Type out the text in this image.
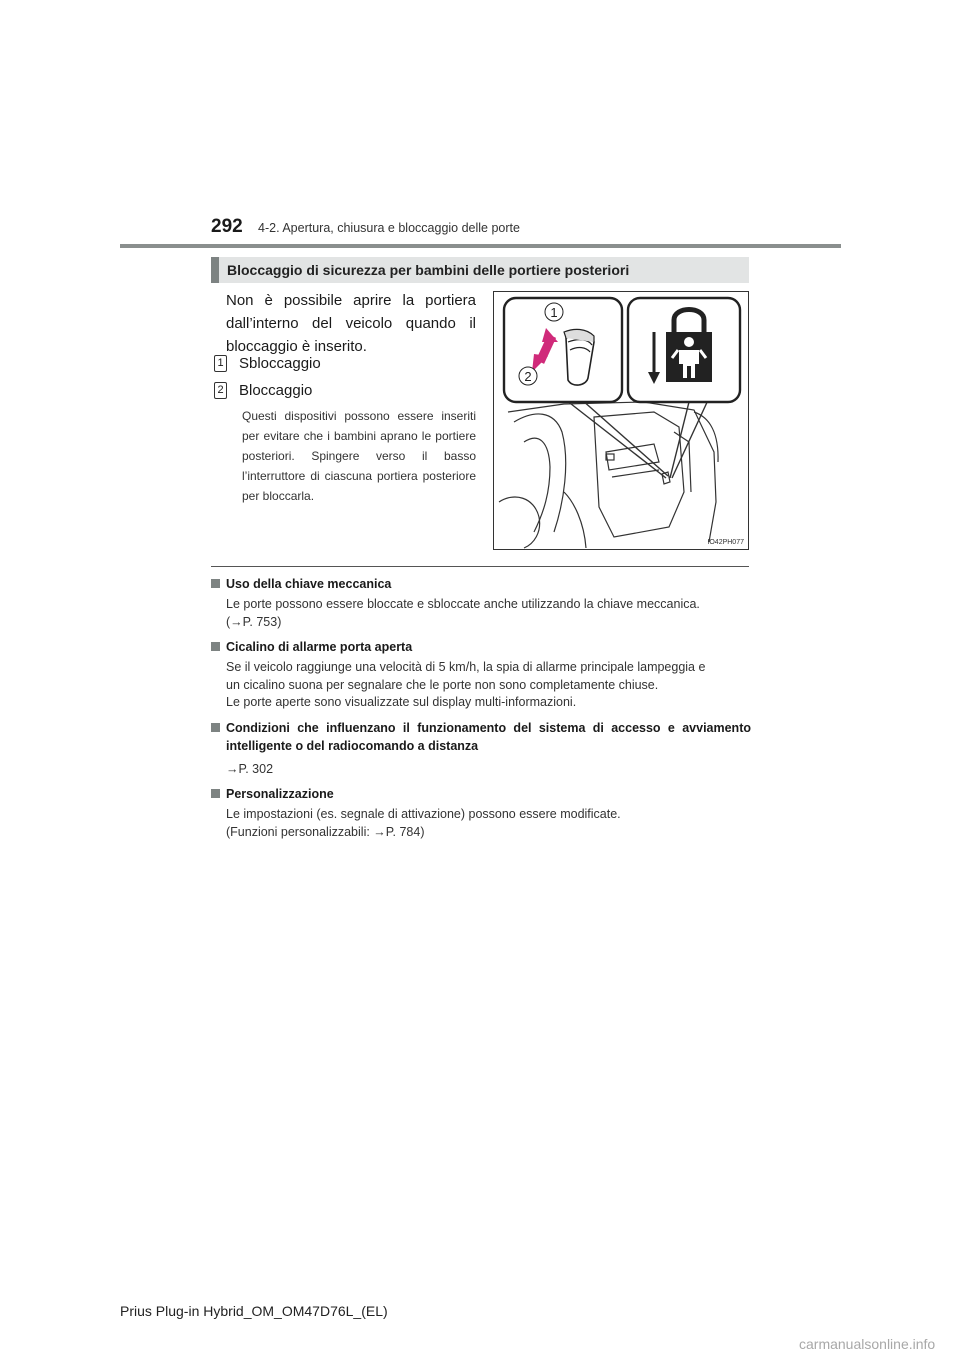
292 4-2. Apertura, chiusura e bloccaggio delle porte
Bloccaggio di sicurezza per bambini delle portiere posteriori
Non è possibile aprire la portiera dall’interno del veicolo quando il bloccaggio è inserito.
1 Sbloccaggio
2 Bloccaggio
Questi dispositivi possono essere inseriti per evitare che i bambini aprano le portiere posteriori. Spingere verso il basso l’interruttore di ciascuna portiera posteriore per bloccarla.
1
2
IO42PH077
Uso della chiave meccanica
Le porte possono essere bloccate e sbloccate anche utilizzando la chiave meccanica.
(→P. 753)
Cicalino di allarme porta aperta
Se il veicolo raggiunge una velocità di 5 km/h, la spia di allarme principale lampeggia e
un cicalino suona per segnalare che le porte non sono completamente chiuse.
Le porte aperte sono visualizzate sul display multi-informazioni.
Condizioni che influenzano il funzionamento del sistema di accesso e avviamento intelligente o del radiocomando a distanza
→P. 302
Personalizzazione
Le impostazioni (es. segnale di attivazione) possono essere modificate.
(Funzioni personalizzabili: →P. 784)
Prius Plug-in Hybrid_OM_OM47D76L_(EL)
carmanualsonline.info
